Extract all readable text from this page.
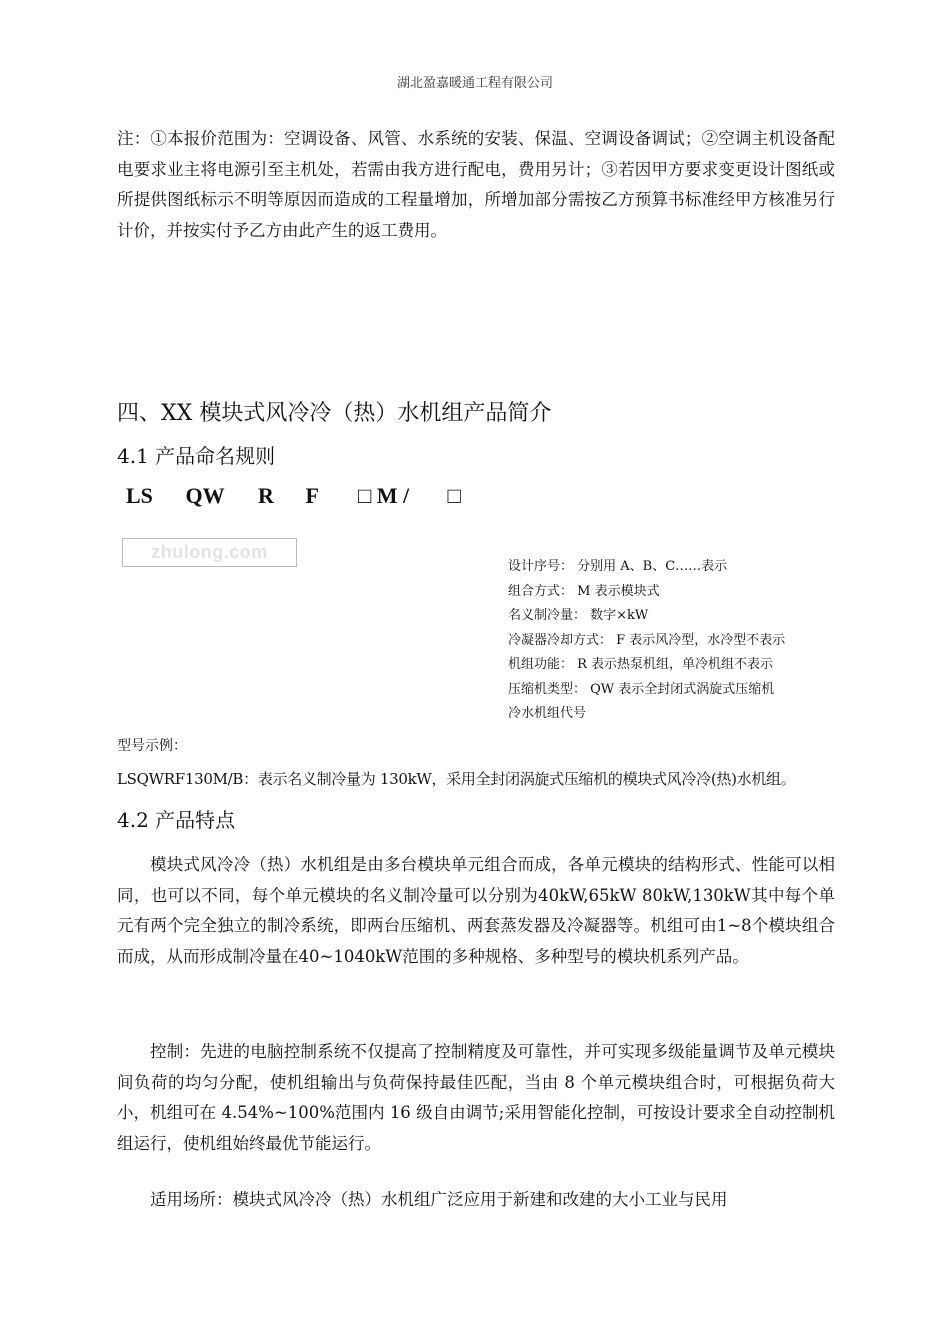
湖北盈嘉暖通工程有限公司

注：①本报价范围为：空调设备、风管、水系统的安装、保温、空调设备调试；②空调主机设备配电要求业主将电源引至主机处，若需由我方进行配电，费用另计；③若因甲方要求变更设计图纸或所提供图纸标示不明等原因而造成的工程量增加，所增加部分需按乙方预算书标准经甲方核准另行计价，并按实付予乙方由此产生的返工费用。

四、XX 模块式风冷冷（热）水机组产品简介
4.1 产品命名规则
LS QW R F □ M / □
zhulong.com
设计序号： 分别用 A、B、C……表示
组合方式： M 表示模块式
名义制冷量： 数字×kW
冷凝器冷却方式： F 表示风冷型，水冷型不表示
机组功能： R 表示热泵机组，单冷机组不表示
压缩机类型： QW 表示全封闭式涡旋式压缩机
冷水机组代号
型号示例：
LSQWRF130M/B：表示名义制冷量为 130kW，采用全封闭涡旋式压缩机的模块式风冷冷(热)水机组。
4.2 产品特点

模块式风冷冷（热）水机组是由多台模块单元组合而成，各单元模块的结构形式、性能可以相同，也可以不同，每个单元模块的名义制冷量可以分别为40kW,65kW 80kW,130kW其中每个单元有两个完全独立的制冷系统，即两台压缩机、两套蒸发器及冷凝器等。机组可由1~8个模块组合而成，从而形成制冷量在40~1040kW范围的多种规格、多种型号的模块机系列产品。

控制：先进的电脑控制系统不仅提高了控制精度及可靠性，并可实现多级能量调节及单元模块间负荷的均匀分配，使机组输出与负荷保持最佳匹配，当由 8 个单元模块组合时，可根据负荷大小，机组可在 4.54%~100%范围内 16 级自由调节;采用智能化控制，可按设计要求全自动控制机组运行，使机组始终最优节能运行。

适用场所：模块式风冷冷（热）水机组广泛应用于新建和改建的大小工业与民用
